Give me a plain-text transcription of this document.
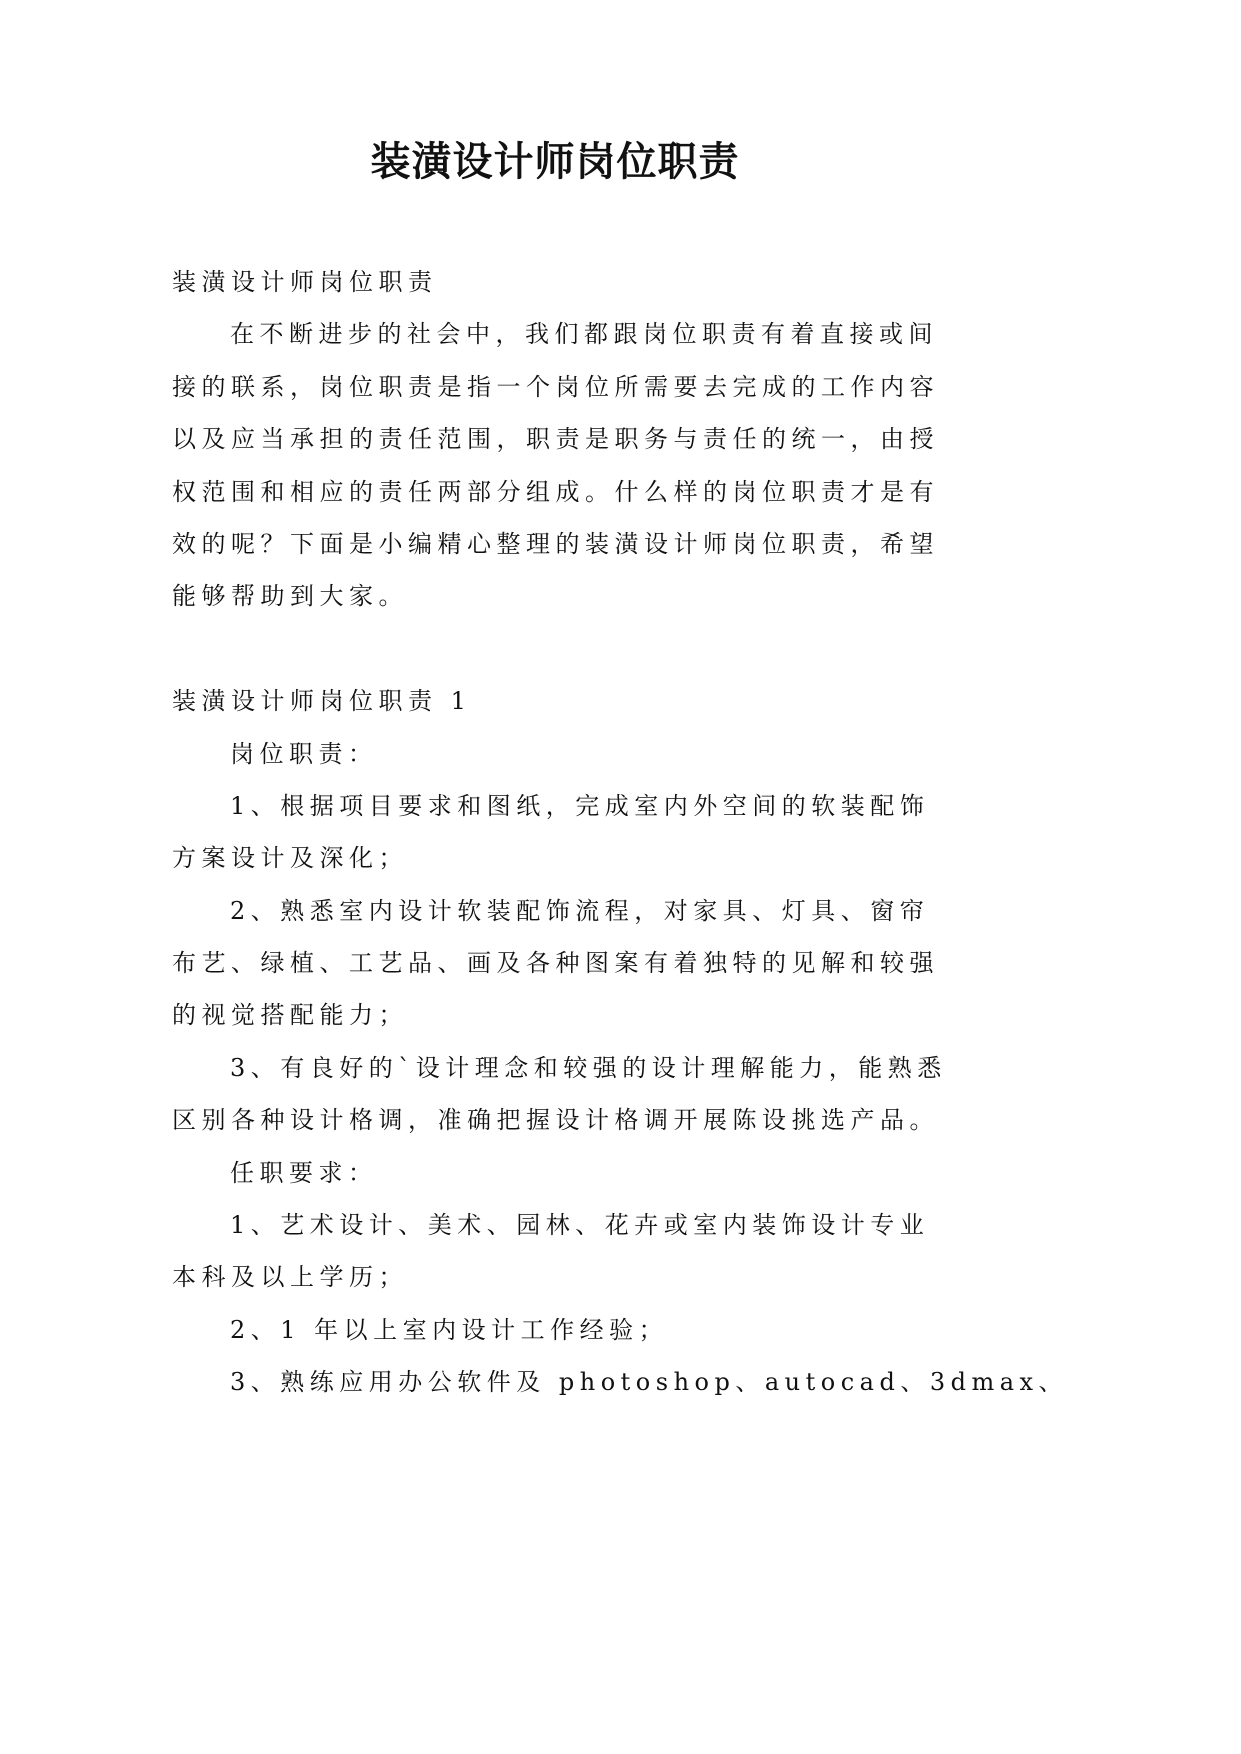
装潢设计师岗位职责
装潢设计师岗位职责
在不断进步的社会中，我们都跟岗位职责有着直接或间
接的联系，岗位职责是指一个岗位所需要去完成的工作内容
以及应当承担的责任范围，职责是职务与责任的统一，由授
权范围和相应的责任两部分组成。什么样的岗位职责才是有
效的呢？下面是小编精心整理的装潢设计师岗位职责，希望
能够帮助到大家。
装潢设计师岗位职责 1
岗位职责：
1、根据项目要求和图纸，完成室内外空间的软装配饰
方案设计及深化；
2、熟悉室内设计软装配饰流程，对家具、灯具、窗帘
布艺、绿植、工艺品、画及各种图案有着独特的见解和较强
的视觉搭配能力；
3、有良好的`设计理念和较强的设计理解能力，能熟悉
区别各种设计格调，准确把握设计格调开展陈设挑选产品。
任职要求：
1、艺术设计、美术、园林、花卉或室内装饰设计专业
本科及以上学历；
2、1 年以上室内设计工作经验；
3、熟练应用办公软件及 photoshop、autocad、3dmax、
